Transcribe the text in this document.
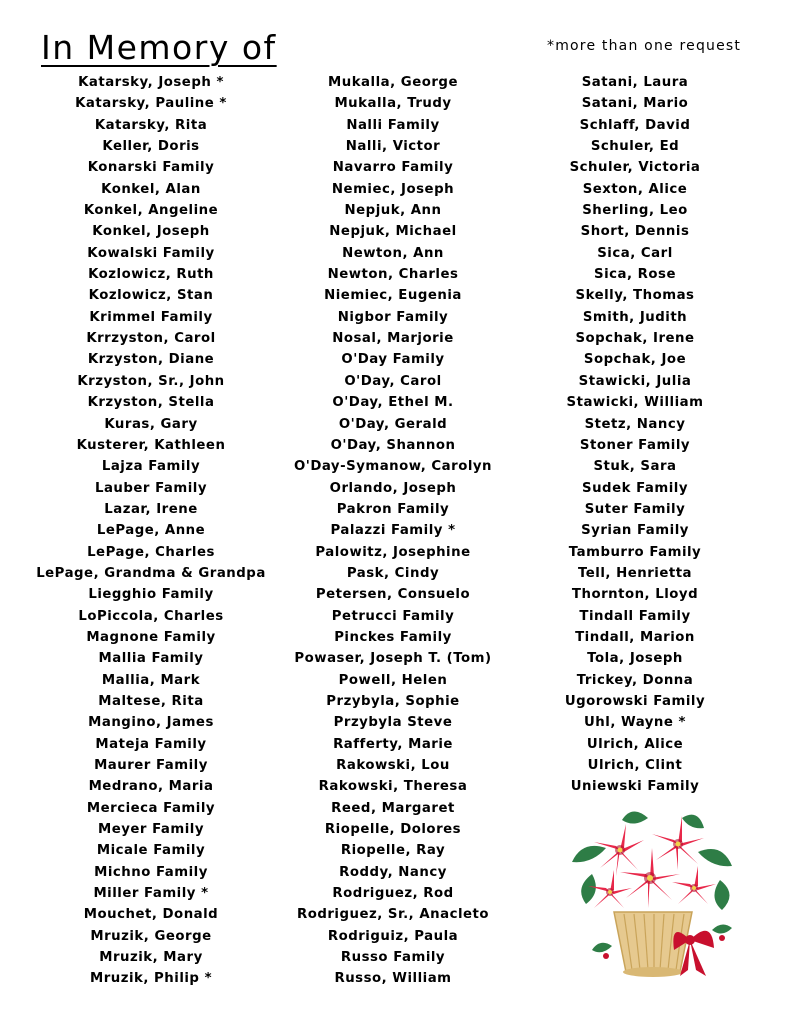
In Memory of	*more than one request
Katarsky, Joseph *
Katarsky, Pauline *
Katarsky, Rita
Keller, Doris
Konarski Family
Konkel, Alan
Konkel, Angeline
Konkel, Joseph
Kowalski Family
Kozlowicz, Ruth
Kozlowicz, Stan
Krimmel Family
Krrzyston, Carol
Krzyston, Diane
Krzyston, Sr., John
Krzyston, Stella
Kuras, Gary
Kusterer, Kathleen
Lajza Family
Lauber Family
Lazar, Irene
LePage, Anne
LePage, Charles
LePage, Grandma & Grandpa
Liegghio Family
LoPiccola, Charles
Magnone Family
Mallia Family
Mallia, Mark
Maltese, Rita
Mangino, James
Mateja Family
Maurer Family
Medrano, Maria
Mercieca Family
Meyer Family
Micale Family
Michno Family
Miller Family *
Mouchet, Donald
Mruzik, George
Mruzik, Mary
Mruzik, Philip *
Mukalla, George
Mukalla, Trudy
Nalli Family
Nalli, Victor
Navarro Family
Nemiec, Joseph
Nepjuk, Ann
Nepjuk, Michael
Newton, Ann
Newton, Charles
Niemiec, Eugenia
Nigbor Family
Nosal, Marjorie
O'Day Family
O'Day, Carol
O'Day, Ethel M.
O'Day, Gerald
O'Day, Shannon
O'Day-Symanow, Carolyn
Orlando, Joseph
Pakron Family
Palazzi Family *
Palowitz, Josephine
Pask, Cindy
Petersen, Consuelo
Petrucci Family
Pinckes Family
Powaser, Joseph T. (Tom)
Powell, Helen
Przybyla, Sophie
Przybyla Steve
Rafferty, Marie
Rakowski, Lou
Rakowski, Theresa
Reed, Margaret
Riopelle, Dolores
Riopelle, Ray
Roddy, Nancy
Rodriguez, Rod
Rodriguez, Sr., Anacleto
Rodriguiz, Paula
Russo Family
Russo, William
Satani, Laura
Satani, Mario
Schlaff, David
Schuler, Ed
Schuler, Victoria
Sexton, Alice
Sherling, Leo
Short, Dennis
Sica, Carl
Sica, Rose
Skelly, Thomas
Smith, Judith
Sopchak, Irene
Sopchak, Joe
Stawicki, Julia
Stawicki, William
Stetz, Nancy
Stoner Family
Stuk, Sara
Sudek Family
Suter Family
Syrian Family
Tamburro Family
Tell, Henrietta
Thornton, Lloyd
Tindall Family
Tindall, Marion
Tola, Joseph
Trickey, Donna
Ugorowski Family
Uhl, Wayne *
Ulrich, Alice
Ulrich, Clint
Uniewski Family
